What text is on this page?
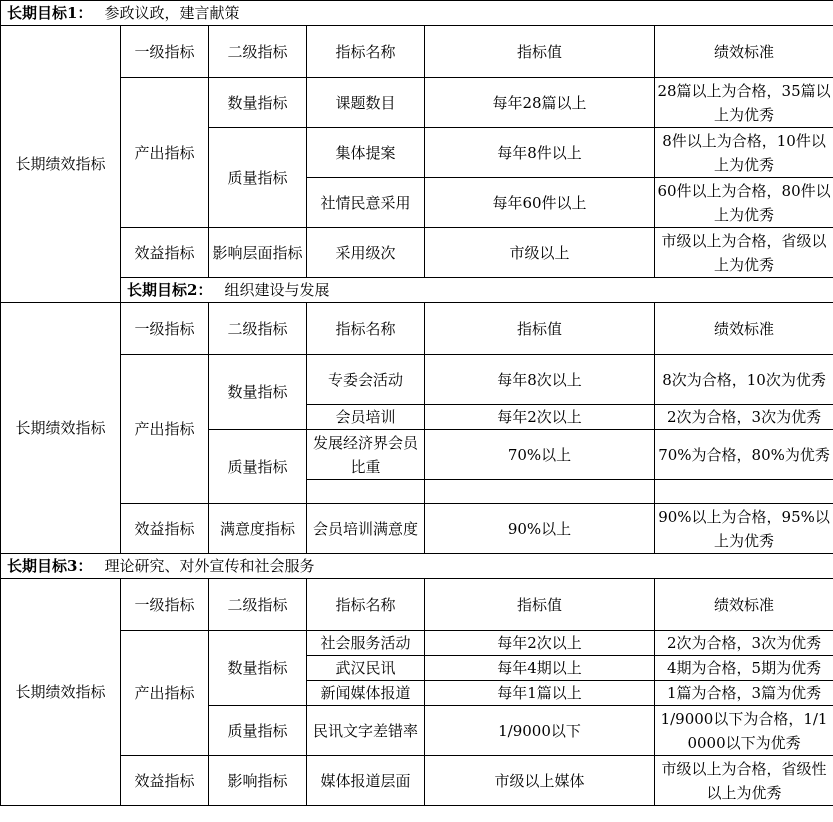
长期目标1： 参政议政，建言献策					
长期绩效指标	一级指标	二级指标	指标名称	指标值	绩效标准
	产出指标	数量指标	课题数目	每年28篇以上	28篇以上为合格，35篇以上为优秀
		质量指标	集体提案	每年8件以上	8件以上为合格，10件以上为优秀
			社情民意采用	每年60件以上	60件以上为合格，80件以上为优秀
	效益指标	影响层面指标	采用级次	市级以上	市级以上为合格，省级以上为优秀
	长期目标2： 组织建设与发展				
长期绩效指标	一级指标	二级指标	指标名称	指标值	绩效标准
	产出指标	数量指标	专委会活动	每年8次以上	8次为合格，10次为优秀
			会员培训	每年2次以上	2次为合格，3次为优秀
		质量指标	发展经济界会员比重	70%以上	70%为合格，80%为优秀

	效益指标	满意度指标	会员培训满意度	90%以上	90%以上为合格，95%以上为优秀
长期目标3： 理论研究、对外宣传和社会服务					
长期绩效指标	一级指标	二级指标	指标名称	指标值	绩效标准
	产出指标	数量指标	社会服务活动	每年2次以上	2次为合格，3次为优秀
			武汉民讯	每年4期以上	4期为合格，5期为优秀
			新闻媒体报道	每年1篇以上	1篇为合格，3篇为优秀
		质量指标	民讯文字差错率	1/9000以下	1/9000以下为合格，1/10000以下为优秀
	效益指标	影响指标	媒体报道层面	市级以上媒体	市级以上为合格，省级性以上为优秀
